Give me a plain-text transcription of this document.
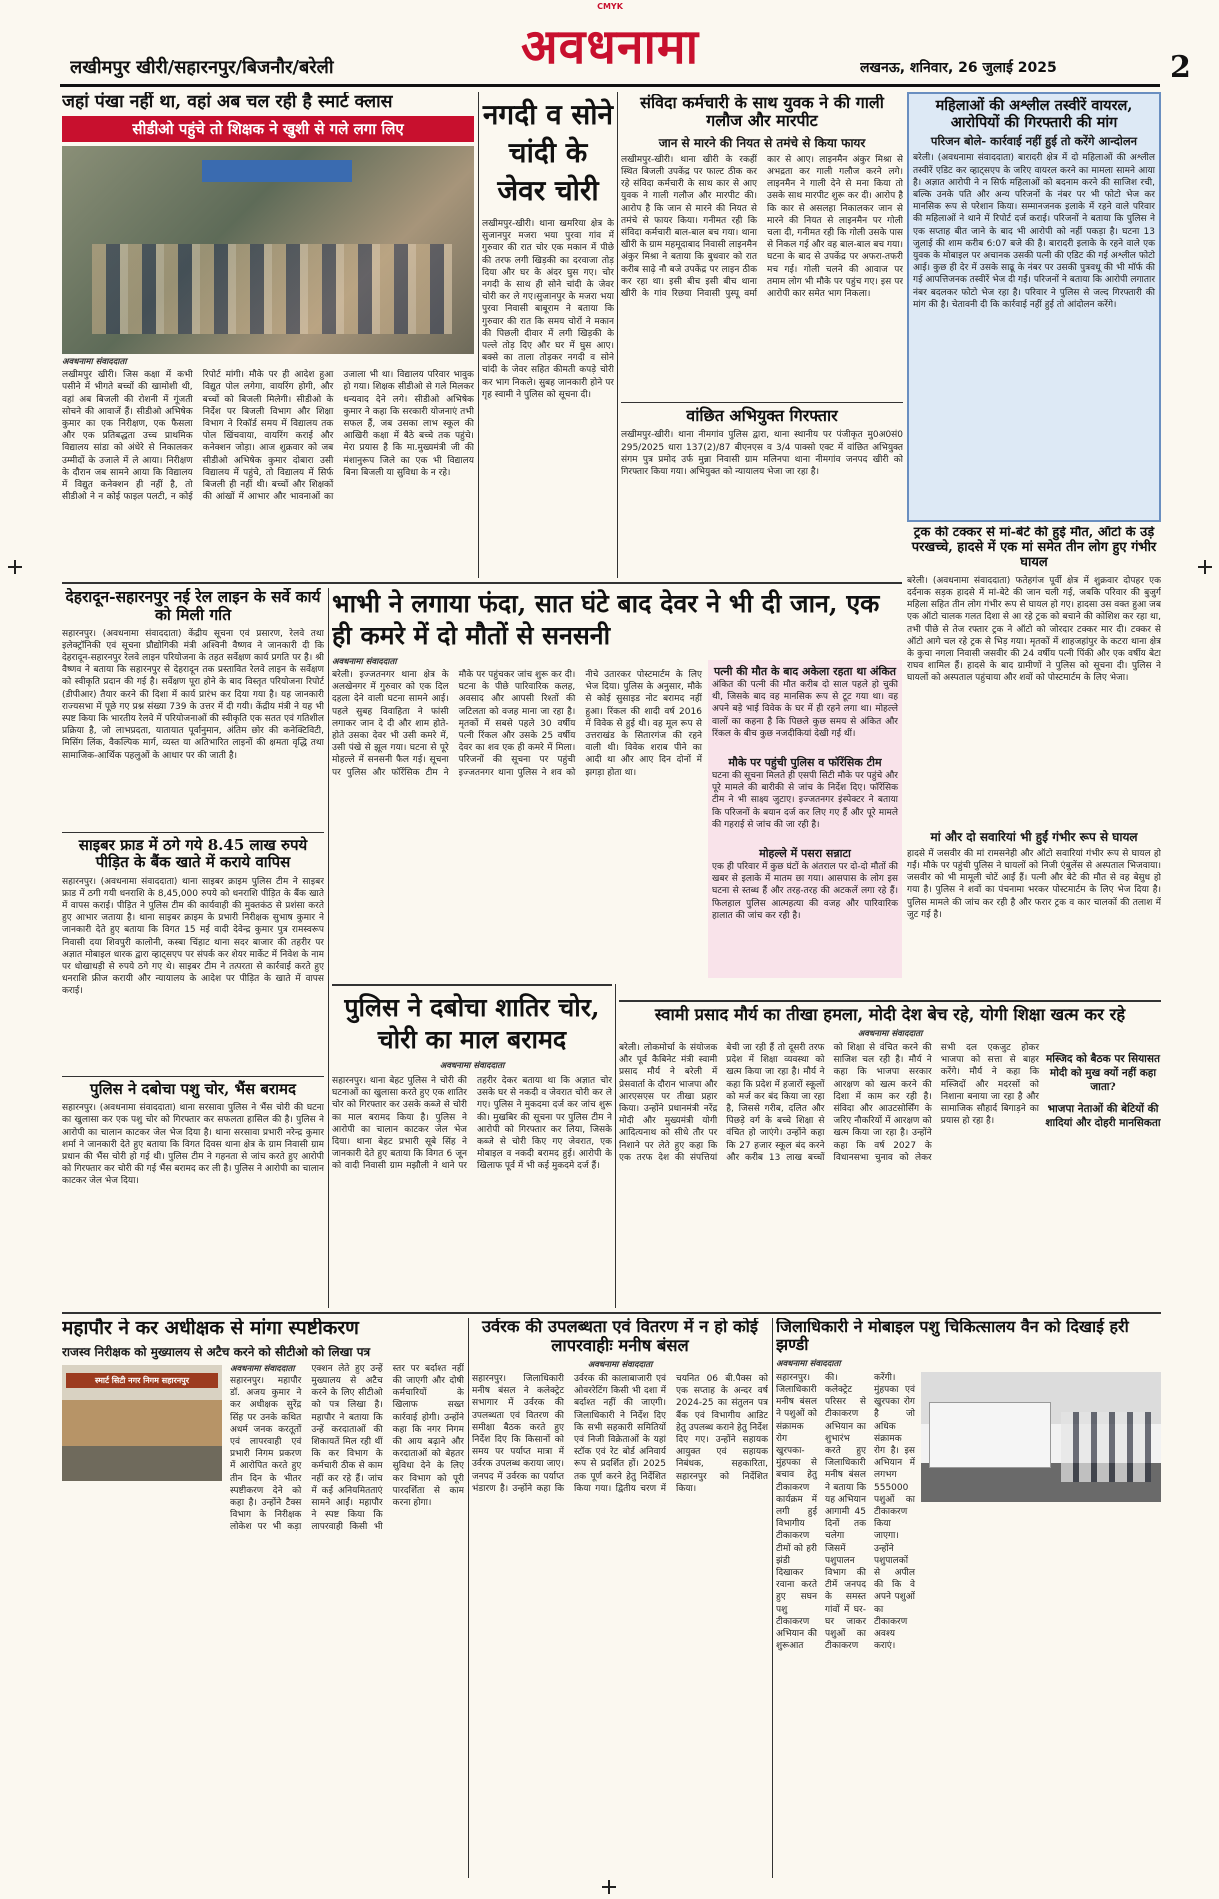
CMYK
लखीमपुर खीरी/सहारनपुर/बिजनौर/बरेली	अवधनामा	लखनऊ, शनिवार, 26 जुलाई 2025	2
जहां पंखा नहीं था, वहां अब चल रही है स्मार्ट क्लास
सीडीओ पहुंचे तो शिक्षक ने खुशी से गले लगा लिए
अवधनामा संवाददाता

लखीमपुर खीरी। जिस कक्षा में कभी पसीने में भीगते बच्चों की खामोशी थी, वहां अब बिजली की रोशनी में गूंजती सोचने की आवाजें हैं। सीडीओ अभिषेक कुमार का एक निरीक्षण, एक फैसला और एक प्रतिबद्धता उच्च प्राथमिक विद्यालय सांडा को अंधेरे से निकालकर उम्मीदों के उजाले में ले आया। निरीक्षण के दौरान जब सामने आया कि विद्यालय में विद्युत कनेक्शन ही नहीं है, तो सीडीओ ने न कोई फाइल पलटी, न कोई रिपोर्ट मांगी। मौके पर ही आदेश हुआ विद्युत पोल लगेगा, वायरिंग होगी, और बच्चों को बिजली मिलेगी। सीडीओ के निर्देश पर बिजली विभाग और शिक्षा विभाग ने रिकॉर्ड समय में विद्यालय तक पोल खिंचवाया, वायरिंग कराई और कनेक्शन जोड़ा। आज शुक्रवार को जब सीडीओ अभिषेक कुमार दोबारा उसी विद्यालय में पहुंचे, तो विद्यालय में सिर्फ बिजली ही नहीं थी। बच्चों और शिक्षकों की आंखों में आभार और भावनाओं का उजाला भी था। विद्यालय परिवार भावुक हो गया। शिक्षक सीडीओ से गले मिलकर धन्यवाद देने लगे। सीडीओ अभिषेक कुमार ने कहा कि सरकारी योजनाएं तभी सफल हैं, जब उसका लाभ स्कूल की आखिरी कक्षा में बैठे बच्चे तक पहुंचे। मेरा प्रयास है कि मा.मुख्यमंत्री जी की मंशानुरूप जिले का एक भी विद्यालय बिना बिजली या सुविधा के न रहे।

नगदी व सोने चांदी के जेवर चोरी

लखीमपुर-खीरी। थाना खमरिया क्षेत्र के सुजानपुर मजरा भया पुरवा गांव में गुरुवार की रात चोर एक मकान में पीछे की तरफ लगी खिड़की का दरवाजा तोड़ दिया और घर के अंदर घुस गए। चोर नगदी के साथ ही सोने चांदी के जेवर चोरी कर ले गए।सुजानपुर के मजरा भया पुरवा निवासी बाबूराम ने बताया कि गुरुवार की रात कि समय चोरों ने मकान की पिछली दीवार में लगी खिड़की के पल्ले तोड़ दिए और घर में घुस आए। बक्से का ताला तोड़कर नगदी व सोने चांदी के जेवर सहित कीमती कपड़े चोरी कर भाग निकले। सुबह जानकारी होने पर गृह स्वामी ने पुलिस को सूचना दी।

संविदा कर्मचारी के साथ युवक ने की गाली गलौज और मारपीट
जान से मारने की नियत से तमंचे से किया फायर

लखीमपुर-खीरी। थाना खीरी के रकहीं स्थित बिजली उपकेंद्र पर फाल्ट ठीक कर रहे संविदा कर्मचारी के साथ कार से आए युवक ने गाली गलौज और मारपीट की। आरोप है कि जान से मारने की नियत से तमंचे से फायर किया। गनीमत रही कि संविदा कर्मचारी बाल-बाल बच गया। थाना खीरी के ग्राम महमूदाबाद निवासी लाइनमैन अंकुर मिश्रा ने बताया कि बुधवार को रात करीब साढ़े नौ बजे उपकेंद्र पर लाइन ठीक कर रहा था। इसी बीच इसी बीच थाना खीरी के गांव रिछया निवासी पुस्पू वर्मा कार से आए। लाइनमैन अंकुर मिश्रा से अभद्रता कर गाली गलौज करने लगे। लाइनमैन ने गाली देने से मना किया तो उसके साथ मारपीट शुरू कर दी। आरोप है कि कार से असलहा निकालकर जान से मारने की नियत से लाइनमैन पर गोली चला दी, गनीमत रही कि गोली उसके पास से निकल गई और वह बाल-बाल बच गया। घटना के बाद से उपकेंद्र पर अफरा-तफरी मच गई। गोली चलने की आवाज पर तमाम लोग भी मौके पर पहुंच गए। इस पर आरोपी कार समेत भाग निकला।

वांछित अभियुक्त गिरफ्तार

लखीमपुर-खीरी। थाना नीमगांव पुलिस द्वारा, थाना स्थानीय पर पंजीकृत मु0अ0सं0 295/2025 धारा 137(2)/87 बीएनएस व 3/4 पाक्सो एक्ट में वांछित अभियुक्त संगम पुत्र प्रमोद उर्फ मुन्ना निवासी ग्राम मलिनपा थाना नीमगांव जनपद खीरी को गिरफ्तार किया गया। अभियुक्त को न्यायालय भेजा जा रहा है।

महिलाओं की अश्लील तस्वीरें वायरल, आरोपियों की गिरफ्तारी की मांग
परिजन बोले- कार्रवाई नहीं हुई तो करेंगे आन्दोलन

बरेली। (अवधनामा संवाददाता) बारादरी क्षेत्र में दो महिलाओं की अश्लील तस्वीरें एडिट कर व्हाट्सएप के जरिए वायरल करने का मामला सामने आया है। अज्ञात आरोपी ने न सिर्फ महिलाओं को बदनाम करने की साजिश रची, बल्कि उनके पति और अन्य परिजनों के नंबर पर भी फोटो भेज कर मानसिक रूप से परेशान किया। सम्मानजनक इलाके में रहने वाले परिवार की महिलाओं ने थाने में रिपोर्ट दर्ज कराई। परिजनों ने बताया कि पुलिस ने एक सप्ताह बीत जाने के बाद भी आरोपी को नहीं पकड़ा है। घटना 13 जुलाई की शाम करीब 6:07 बजे की है। बारादरी इलाके के रहने वाले एक युवक के मोबाइल पर अचानक उसकी पत्नी की एडिट की गई अश्लील फोटो आई। कुछ ही देर में उसके साढू के नंबर पर उसकी पुत्रवधू की भी मॉर्फ की गई आपत्तिजनक तस्वीरें भेज दी गईं। परिजनों ने बताया कि आरोपी लगातार नंबर बदलकर फोटो भेज रहा है। परिवार ने पुलिस से जल्द गिरफ्तारी की मांग की है। चेतावनी दी कि कार्रवाई नहीं हुई तो आंदोलन करेंगे।

ट्रक की टक्कर से मां-बेटे की हुई मौत, ऑटो के उड़े परखच्चे, हादसे में एक मां समेत तीन लोग हुए गंभीर घायल

बरेली। (अवधनामा संवाददाता) फतेहगंज पूर्वी क्षेत्र में शुक्रवार दोपहर एक दर्दनाक सड़क हादसे में मां-बेटे की जान चली गई, जबकि परिवार की बुजुर्ग महिला सहित तीन लोग गंभीर रूप से घायल हो गए। हादसा उस वक्त हुआ जब एक ऑटो चालक गलत दिशा से आ रहे ट्रक को बचाने की कोशिश कर रहा था, तभी पीछे से तेज रफ्तार ट्रक ने ऑटो को जोरदार टक्कर मार दी। टक्कर से ऑटो आगे चल रहे ट्रक से भिड़ गया। मृतकों में शाहजहांपुर के कटरा थाना क्षेत्र के कुचा नगला निवासी जसवीर की 24 वर्षीय पत्नी पिंकी और एक वर्षीय बेटा राघव शामिल हैं। हादसे के बाद ग्रामीणों ने पुलिस को सूचना दी। पुलिस ने घायलों को अस्पताल पहुंचाया और शवों को पोस्टमार्टम के लिए भेजा।

मां और दो सवारियां भी हुईं गंभीर रूप से घायल

हादसे में जसवीर की मां रामसनेही और ऑटो सवारियां गंभीर रूप से घायल हो गईं। मौके पर पहुंची पुलिस ने घायलों को निजी एंबुलेंस से अस्पताल भिजवाया। जसवीर को भी मामूली चोटें आईं हैं। पत्नी और बेटे की मौत से वह बेसुध हो गया है। पुलिस ने शवों का पंचनामा भरकर पोस्टमार्टम के लिए भेज दिया है। पुलिस मामले की जांच कर रही है और फरार ट्रक व कार चालकों की तलाश में जुट गई है।

देहरादून-सहारनपुर नई रेल लाइन के सर्वे कार्य को मिली गति

सहारनपुर। (अवधनामा संवाददाता) केंद्रीय सूचना एवं प्रसारण, रेलवे तथा इलेक्ट्रॉनिकी एवं सूचना प्रौद्योगिकी मंत्री अश्विनी वैष्णव ने जानकारी दी कि देहरादून-सहारनपुर रेलवे लाइन परियोजना के तहत सर्वेक्षण कार्य प्रगति पर है। श्री वैष्णव ने बताया कि सहारनपुर से देहरादून तक प्रस्तावित रेलवे लाइन के सर्वेक्षण को स्वीकृति प्रदान की गई है। सर्वेक्षण पूरा होने के बाद विस्तृत परियोजना रिपोर्ट (डीपीआर) तैयार करने की दिशा में कार्य प्रारंभ कर दिया गया है। यह जानकारी राज्यसभा में पूछे गए प्रश्न संख्या 739 के उत्तर में दी गयी। केंद्रीय मंत्री ने यह भी स्पष्ट किया कि भारतीय रेलवे में परियोजनाओं की स्वीकृति एक सतत एवं गतिशील प्रक्रिया है, जो लाभप्रदता, यातायात पूर्वानुमान, अंतिम छोर की कनेक्टिविटी, मिसिंग लिंक, वैकल्पिक मार्ग, व्यस्त या अतिभारित लाइनों की क्षमता वृद्धि तथा सामाजिक-आर्थिक पहलुओं के आधार पर की जाती है।

साइबर फ्राड में ठगे गये 8.45 लाख रुपये पीड़ित के बैंक खाते में कराये वापिस

सहारनपुर। (अवधनामा संवाददाता) थाना साइबर क्राइम पुलिस टीम ने साइबर फ्राड में ठगी गयी धनराशि के 8,45,000 रुपये को धनराशि पीड़ित के बैंक खाते में वापस कराई। पीड़ित ने पुलिस टीम की कार्यवाही की मुक्तकंठ से प्रशंसा करते हुए आभार जताया है। थाना साइबर क्राइम के प्रभारी निरीक्षक सुभाष कुमार ने जानकारी देते हुए बताया कि विगत 15 मई वादी देवेन्द्र कुमार पुत्र रामस्वरूप निवासी दया शिवपुरी कालोनी, कस्बा चिंहाट थाना सदर बाजार की तहरीर पर अज्ञात मोबाइल धारक द्वारा व्हाट्सएप पर संपर्क कर शेयर मार्केट में निवेश के नाम पर धोखाधड़ी से रुपये ठगे गए थे। साइबर टीम ने तत्परता से कार्रवाई करते हुए धनराशि फ्रीज करायी और न्यायालय के आदेश पर पीड़ित के खाते में वापस कराई।

पुलिस ने दबोचा पशु चोर, भैंस बरामद

सहारनपुर। (अवधनामा संवाददाता) थाना सरसावा पुलिस ने भैंस चोरी की घटना का खुलासा कर एक पशु चोर को गिरफ्तार कर सफलता हासिल की है। पुलिस ने आरोपी का चालान काटकर जेल भेज दिया है। थाना सरसावा प्रभारी नरेन्द्र कुमार शर्मा ने जानकारी देते हुए बताया कि विगत दिवस थाना क्षेत्र के ग्राम निवासी ग्राम प्रधान की भैंस चोरी हो गई थी। पुलिस टीम ने गहनता से जांच करते हुए आरोपी को गिरफ्तार कर चोरी की गई भैंस बरामद कर ली है। पुलिस ने आरोपी का चालान काटकर जेल भेज दिया।

भाभी ने लगाया फंदा, सात घंटे बाद देवर ने भी दी जान, एक ही कमरे में दो मौतों से सनसनी
अवधनामा संवाददाता

बरेली। इज्जतनगर थाना क्षेत्र के अलखेनगर में गुरुवार को एक दिल दहला देने वाली घटना सामने आई। पहले सुबह विवाहिता ने फांसी लगाकर जान दे दी और शाम होते-होते उसका देवर भी उसी कमरे में, उसी पंखे से झूल गया। घटना से पूरे मोहल्ले में सनसनी फैल गई। सूचना पर पुलिस और फॉरेंसिक टीम ने मौके पर पहुंचकर जांच शुरू कर दी। घटना के पीछे पारिवारिक कलह, अवसाद और आपसी रिश्तों की जटिलता को वजह माना जा रहा है। मृतकों में सबसे पहले 30 वर्षीय पत्नी रिंकल और उसके 25 वर्षीय देवर का शव एक ही कमरे में मिला। परिजनों की सूचना पर पहुंची इज्जतनगर थाना पुलिस ने शव को नीचे उतारकर पोस्टमार्टम के लिए भेज दिया। पुलिस के अनुसार, मौके से कोई सुसाइड नोट बरामद नहीं हुआ। रिंकल की शादी वर्ष 2016 में विवेक से हुई थी। वह मूल रूप से उत्तराखंड के सितारगंज की रहने वाली थी। विवेक शराब पीने का आदी था और आए दिन दोनों में झगड़ा होता था।

पत्नी की मौत के बाद अकेला रहता था अंकित
अंकित की पत्नी की मौत करीब दो साल पहले हो चुकी थी, जिसके बाद वह मानसिक रूप से टूट गया था। वह अपने बड़े भाई विवेक के घर में ही रहने लगा था। मोहल्ले वालों का कहना है कि पिछले कुछ समय से अंकित और रिंकल के बीच कुछ नजदीकियां देखी गई थीं।
मौके पर पहुंची पुलिस व फॉरेंसिक टीम
घटना की सूचना मिलते ही एसपी सिटी मौके पर पहुंचे और पूरे मामले की बारीकी से जांच के निर्देश दिए। फॉरेंसिक टीम ने भी साक्ष्य जुटाए। इज्जतनगर इंस्पेक्टर ने बताया कि परिजनों के बयान दर्ज कर लिए गए हैं और पूरे मामले की गहराई से जांच की जा रही है।
मोहल्ले में पसरा सन्नाटा
एक ही परिवार में कुछ घंटों के अंतराल पर दो-दो मौतों की खबर से इलाके में मातम छा गया। आसपास के लोग इस घटना से स्तब्ध हैं और तरह-तरह की अटकलें लगा रहे हैं। फिलहाल पुलिस आत्महत्या की वजह और पारिवारिक हालात की जांच कर रही है।
पुलिस ने दबोचा शातिर चोर, चोरी का माल बरामद
अवधनामा संवाददाता

सहारनपुर। थाना बेहट पुलिस ने चोरी की घटनाओं का खुलासा करते हुए एक शातिर चोर को गिरफ्तार कर उसके कब्जे से चोरी का माल बरामद किया है। पुलिस ने आरोपी का चालान काटकर जेल भेज दिया। थाना बेहट प्रभारी सूबे सिंह ने जानकारी देते हुए बताया कि विगत 6 जून को वादी निवासी ग्राम मझौली ने थाने पर तहरीर देकर बताया था कि अज्ञात चोर उसके घर से नकदी व जेवरात चोरी कर ले गए। पुलिस ने मुकदमा दर्ज कर जांच शुरू की। मुखबिर की सूचना पर पुलिस टीम ने आरोपी को गिरफ्तार कर लिया, जिसके कब्जे से चोरी किए गए जेवरात, एक मोबाइल व नकदी बरामद हुई। आरोपी के खिलाफ पूर्व में भी कई मुकदमे दर्ज हैं।

स्वामी प्रसाद मौर्य का तीखा हमला, मोदी देश बेच रहे, योगी शिक्षा खत्म कर रहे
अवधनामा संवाददाता

बरेली। लोकमोर्चा के संयोजक और पूर्व कैबिनेट मंत्री स्वामी प्रसाद मौर्य ने बरेली में प्रेसवार्ता के दौरान भाजपा और आरएसएस पर तीखा प्रहार किया। उन्होंने प्रधानमंत्री नरेंद्र मोदी और मुख्यमंत्री योगी आदित्यनाथ को सीधे तौर पर निशाने पर लेते हुए कहा कि एक तरफ देश की संपत्तियां बेची जा रही हैं तो दूसरी तरफ प्रदेश में शिक्षा व्यवस्था को खत्म किया जा रहा है। मौर्य ने कहा कि प्रदेश में हजारों स्कूलों को मर्ज कर बंद किया जा रहा है, जिससे गरीब, दलित और पिछड़े वर्ग के बच्चे शिक्षा से वंचित हो जाएंगे। उन्होंने कहा कि 27 हजार स्कूल बंद करने और करीब 13 लाख बच्चों को शिक्षा से वंचित करने की साजिश चल रही है। मौर्य ने कहा कि भाजपा सरकार आरक्षण को खत्म करने की दिशा में काम कर रही है। संविदा और आउटसोर्सिंग के जरिए नौकरियों में आरक्षण को खत्म किया जा रहा है। उन्होंने कहा कि वर्ष 2027 के विधानसभा चुनाव को लेकर सभी दल एकजुट होकर भाजपा को सत्ता से बाहर करेंगे। मौर्य ने कहा कि मस्जिदों और मदरसों को निशाना बनाया जा रहा है और सामाजिक सौहार्द बिगाड़ने का प्रयास हो रहा है।

मस्जिद को बैठक पर सियासत मोदी को मुख क्यों नहीं कहा जाता?
भाजपा नेताओं की बेटियों की शादियां और दोहरी मानसिकता
महापौर ने कर अधीक्षक से मांगा स्पष्टीकरण
राजस्व निरीक्षक को मुख्यालय से अटैच करने को सीटीओ को लिखा पत्र
स्मार्ट सिटी नगर निगम सहारनपुर
अवधनामा संवाददाता

सहारनपुर। महापौर डॉ. अजय कुमार ने कर अधीक्षक सुरेंद्र सिंह पर उनके कथित अधर्म जनक करतूतों एवं लापरवाही एवं प्रभारी निगम प्रकरण में आरोपित करते हुए तीन दिन के भीतर स्पष्टीकरण देने को कहा है। उन्होंने टैक्स विभाग के निरीक्षक लोकेश पर भी कड़ा एक्शन लेते हुए उन्हें मुख्यालय से अटैच करने के लिए सीटीओ को पत्र लिखा है। महापौर ने बताया कि उन्हें करदाताओं की शिकायतें मिल रही थीं कि कर विभाग के कर्मचारी ठीक से काम नहीं कर रहे हैं। जांच में कई अनियमितताएं सामने आईं। महापौर ने स्पष्ट किया कि लापरवाही किसी भी स्तर पर बर्दाश्त नहीं की जाएगी और दोषी कर्मचारियों के खिलाफ सख्त कार्रवाई होगी। उन्होंने कहा कि नगर निगम की आय बढ़ाने और करदाताओं को बेहतर सुविधा देने के लिए कर विभाग को पूरी पारदर्शिता से काम करना होगा।

उर्वरक की उपलब्धता एवं वितरण में न हो कोई लापरवाहीः मनीष बंसल
अवधनामा संवाददाता

सहारनपुर। जिलाधिकारी मनीष बंसल ने कलेक्ट्रेट सभागार में उर्वरक की उपलब्धता एवं वितरण की समीक्षा बैठक करते हुए निर्देश दिए कि किसानों को समय पर पर्याप्त मात्रा में उर्वरक उपलब्ध कराया जाए। जनपद में उर्वरक का पर्याप्त भंडारण है। उन्होंने कहा कि उर्वरक की कालाबाजारी एवं ओवररेटिंग किसी भी दशा में बर्दाश्त नहीं की जाएगी। जिलाधिकारी ने निर्देश दिए कि सभी सहकारी समितियों एवं निजी विक्रेताओं के यहां स्टॉक एवं रेट बोर्ड अनिवार्य रूप से प्रदर्शित हों। 2025 तक पूर्ण करने हेतु निर्देशित किया गया। द्वितीय चरण में चयनित 06 बी.पैक्स को एक सप्ताह के अन्दर वर्ष 2024-25 का संतुलन पत्र बैंक एवं विभागीय आडिट हेतु उपलब्ध कराने हेतु निर्देश दिए गए। उन्होंने सहायक आयुक्त एवं सहायक निबंधक, सहकारिता, सहारनपुर को निर्देशित किया।

जिलाधिकारी ने मोबाइल पशु चिकित्सालय वैन को दिखाई हरी झण्डी
अवधनामा संवाददाता

सहारनपुर। जिलाधिकारी मनीष बंसल ने पशुओं को संक्रामक रोग खुरपका-मुंहपका से बचाव हेतु टीकाकरण कार्यक्रम में लगी हुई विभागीय टीकाकरण टीमों को हरी झंडी दिखाकर रवाना करते हुए सघन पशु टीकाकरण अभियान की शुरूआत की। कलेक्ट्रेट परिसर से टीकाकरण अभियान का शुभारंभ करते हुए जिलाधिकारी मनीष बंसल ने बताया कि यह अभियान आगामी 45 दिनों तक चलेगा जिसमें पशुपालन विभाग की टीमें जनपद के समस्त गांवों में घर-घर जाकर पशुओं का टीकाकरण करेंगी। मुंहपका एवं खुरपका रोग है जो अधिक संक्रामक रोग है। इस अभियान में लगभग 555000 पशुओं का टीकाकरण किया जाएगा। उन्होंने पशुपालकों से अपील की कि वे अपने पशुओं का टीकाकरण अवश्य कराएं।
